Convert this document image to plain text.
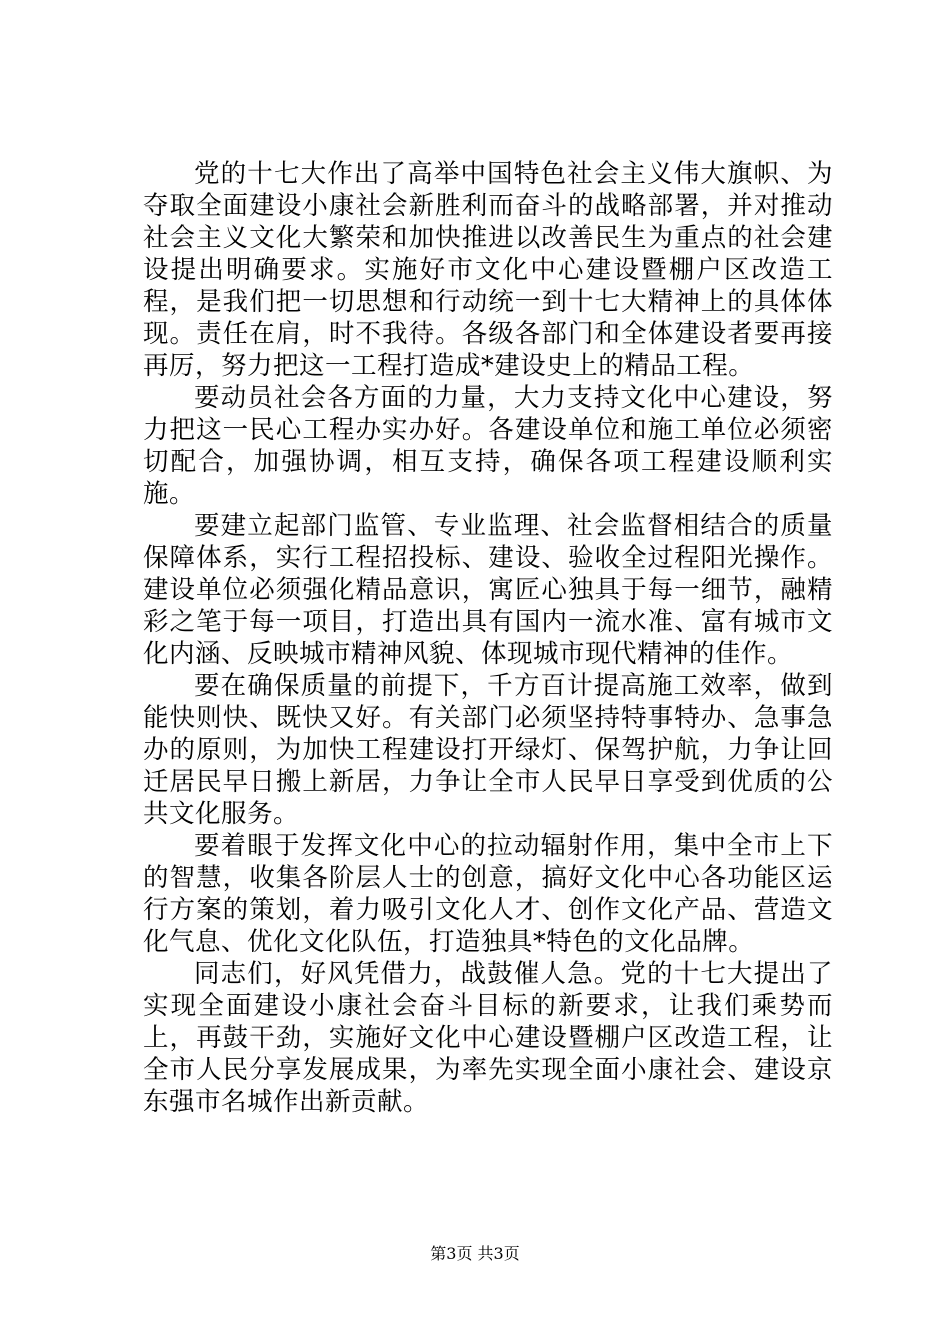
党的十七大作出了高举中国特色社会主义伟大旗帜、为夺取全面建设小康社会新胜利而奋斗的战略部署，并对推动社会主义文化大繁荣和加快推进以改善民生为重点的社会建设提出明确要求。实施好市文化中心建设暨棚户区改造工程，是我们把一切思想和行动统一到十七大精神上的具体体现。责任在肩，时不我待。各级各部门和全体建设者要再接再厉，努力把这一工程打造成*建设史上的精品工程。

要动员社会各方面的力量，大力支持文化中心建设，努力把这一民心工程办实办好。各建设单位和施工单位必须密切配合，加强协调，相互支持，确保各项工程建设顺利实施。

要建立起部门监管、专业监理、社会监督相结合的质量保障体系，实行工程招投标、建设、验收全过程阳光操作。建设单位必须强化精品意识，寓匠心独具于每一细节，融精彩之笔于每一项目，打造出具有国内一流水准、富有城市文化内涵、反映城市精神风貌、体现城市现代精神的佳作。

要在确保质量的前提下，千方百计提高施工效率，做到能快则快、既快又好。有关部门必须坚持特事特办、急事急办的原则，为加快工程建设打开绿灯、保驾护航，力争让回迁居民早日搬上新居，力争让全市人民早日享受到优质的公共文化服务。

要着眼于发挥文化中心的拉动辐射作用，集中全市上下的智慧，收集各阶层人士的创意，搞好文化中心各功能区运行方案的策划，着力吸引文化人才、创作文化产品、营造文化气息、优化文化队伍，打造独具*特色的文化品牌。

同志们，好风凭借力，战鼓催人急。党的十七大提出了实现全面建设小康社会奋斗目标的新要求，让我们乘势而上，再鼓干劲，实施好文化中心建设暨棚户区改造工程，让全市人民分享发展成果，为率先实现全面小康社会、建设京东强市名城作出新贡献。

第3页 共3页
